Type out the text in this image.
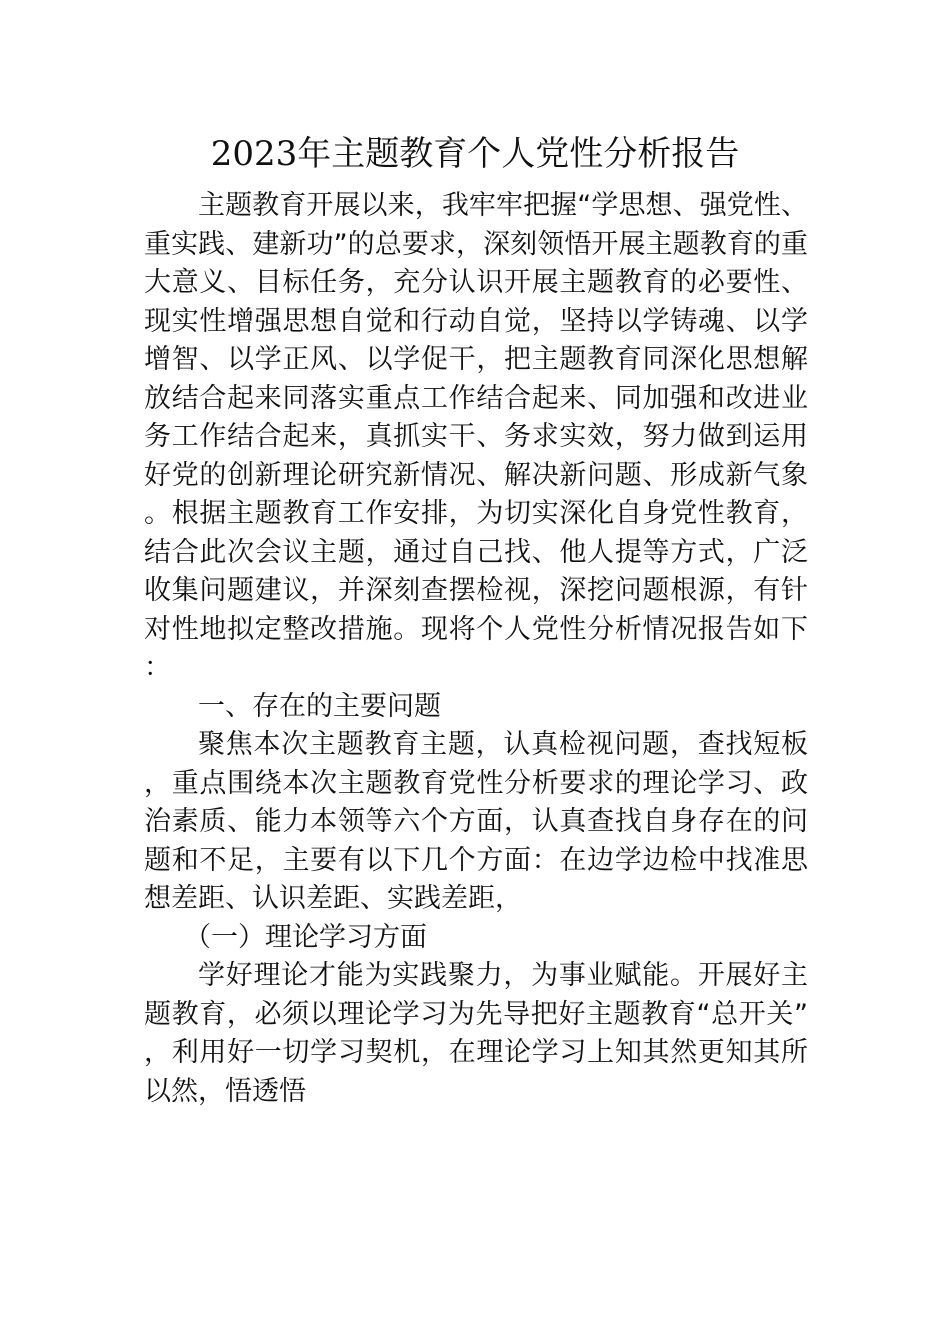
2023年主题教育个人党性分析报告

主题教育开展以来，我牢牢把握“学思想、强党性、重实践、建新功”的总要求，深刻领悟开展主题教育的重大意义、目标任务，充分认识开展主题教育的必要性、现实性增强思想自觉和行动自觉，坚持以学铸魂、以学增智、以学正风、以学促干，把主题教育同深化思想解放结合起来同落实重点工作结合起来、同加强和改进业务工作结合起来，真抓实干、务求实效，努力做到运用好党的创新理论研究新情况、解决新问题、形成新气象。根据主题教育工作安排，为切实深化自身党性教育，结合此次会议主题，通过自己找、他人提等方式，广泛收集问题建议，并深刻查摆检视，深挖问题根源，有针对性地拟定整改措施。现将个人党性分析情况报告如下：

一、存在的主要问题

聚焦本次主题教育主题，认真检视问题，查找短板，重点围绕本次主题教育党性分析要求的理论学习、政治素质、能力本领等六个方面，认真查找自身存在的问题和不足，主要有以下几个方面：在边学边检中找准思想差距、认识差距、实践差距，

（一）理论学习方面

学好理论才能为实践聚力，为事业赋能。开展好主题教育，必须以理论学习为先导把好主题教育“总开关”，利用好一切学习契机，在理论学习上知其然更知其所以然，悟透悟
